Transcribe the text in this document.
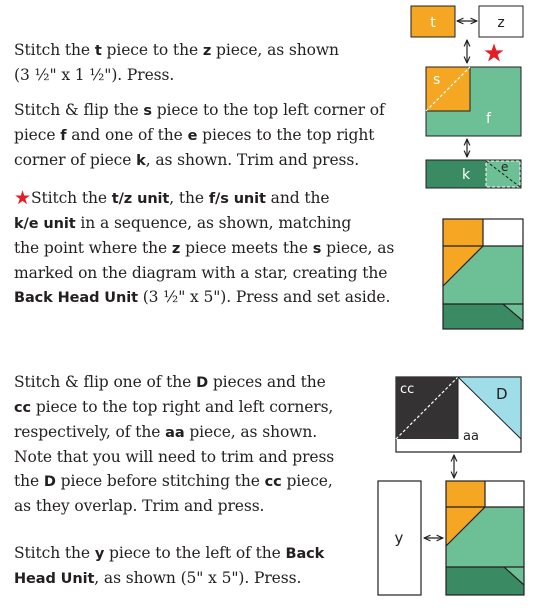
Stitch the t piece to the z piece, as shown
(3 ½" x 1 ½"). Press.

Stitch & flip the s piece to the top left corner of
piece f and one of the e pieces to the top right
corner of piece k, as shown. Trim and press.

★Stitch the t/z unit, the f/s unit and the
k/e unit in a sequence, as shown, matching
the point where the z piece meets the s piece, as
marked on the diagram with a star, creating the
Back Head Unit (3 ½" x 5"). Press and set aside.

Stitch & flip one of the D pieces and the
cc piece to the top right and left corners,
respectively, of the aa piece, as shown.
Note that you will need to trim and press
the D piece before stitching the cc piece,
as they overlap. Trim and press.

Stitch the y piece to the left of the Back
Head Unit, as shown (5" x 5"). Press.

t	z
s
f
k	e
cc	D
aa
y
